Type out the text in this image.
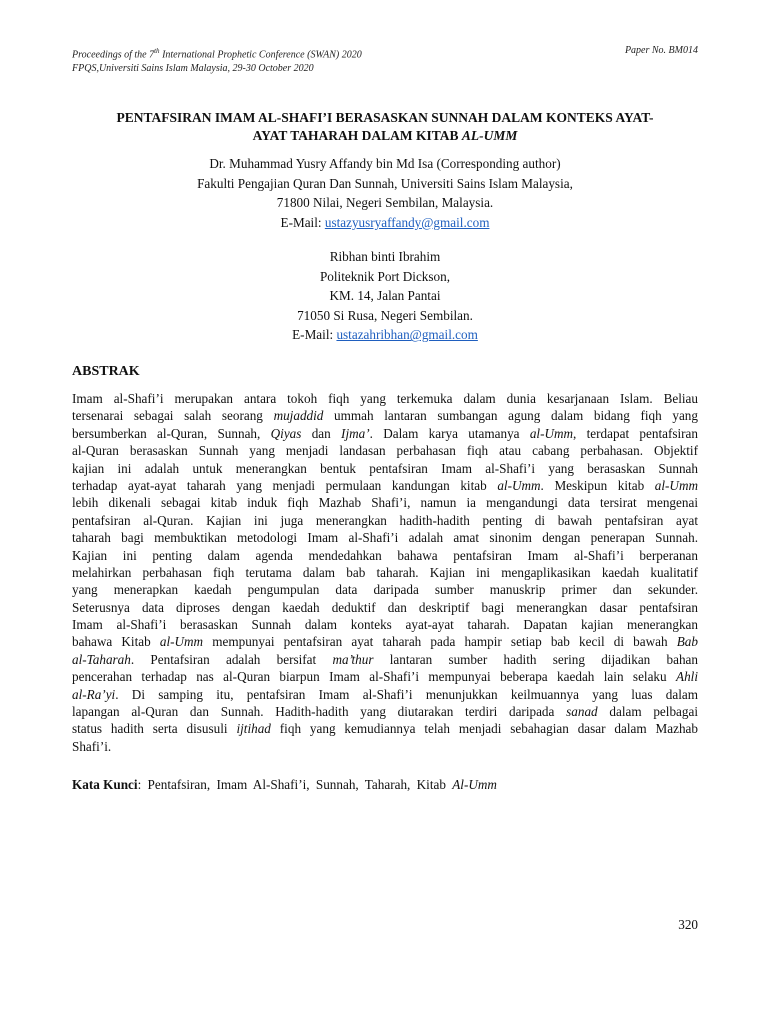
Proceedings of the 7th International Prophetic Conference (SWAN) 2020
FPQS,Universiti Sains Islam Malaysia, 29-30 October 2020
Paper No. BM014
PENTAFSIRAN IMAM AL-SHAFI’I BERASASKAN SUNNAH DALAM KONTEKS AYAT-
AYAT TAHARAH DALAM KITAB AL-UMM
Dr. Muhammad Yusry Affandy bin Md Isa (Corresponding author)
Fakulti Pengajian Quran Dan Sunnah, Universiti Sains Islam Malaysia,
71800 Nilai, Negeri Sembilan, Malaysia.
E-Mail: ustazyusryaffandy@gmail.com
Ribhan binti Ibrahim
Politeknik Port Dickson,
KM. 14, Jalan Pantai
71050 Si Rusa, Negeri Sembilan.
E-Mail: ustazahribhan@gmail.com
ABSTRAK
Imam al-Shafi’i merupakan antara tokoh fiqh yang terkemuka dalam dunia kesarjanaan Islam. Beliau
tersenarai sebagai salah seorang mujaddid ummah lantaran sumbangan agung dalam bidang fiqh yang
bersumberkan al-Quran, Sunnah, Qiyas dan Ijma’. Dalam karya utamanya al-Umm, terdapat pentafsiran
al-Quran berasaskan Sunnah yang menjadi landasan perbahasan fiqh atau cabang perbahasan. Objektif
kajian ini adalah untuk menerangkan bentuk pentafsiran Imam al-Shafi’i yang berasaskan Sunnah
terhadap ayat-ayat taharah yang menjadi permulaan kandungan kitab al-Umm. Meskipun kitab al-Umm
lebih dikenali sebagai kitab induk fiqh Mazhab Shafi’i, namun ia mengandungi data tersirat mengenai
pentafsiran al-Quran. Kajian ini juga menerangkan hadith-hadith penting di bawah pentafsiran ayat
taharah bagi membuktikan metodologi Imam al-Shafi’i adalah amat sinonim dengan penerapan Sunnah.
Kajian ini penting dalam agenda mendedahkan bahawa pentafsiran Imam al-Shafi’i berperanan
melahirkan perbahasan fiqh terutama dalam bab taharah. Kajian ini mengaplikasikan kaedah kualitatif
yang menerapkan kaedah pengumpulan data daripada sumber manuskrip primer dan sekunder.
Seterusnya data diproses dengan kaedah deduktif dan deskriptif bagi menerangkan dasar pentafsiran
Imam al-Shafi’i berasaskan Sunnah dalam konteks ayat-ayat taharah. Dapatan kajian menerangkan
bahawa Kitab al-Umm mempunyai pentafsiran ayat taharah pada hampir setiap bab kecil di bawah Bab
al-Taharah. Pentafsiran adalah bersifat ma’thur lantaran sumber hadith sering dijadikan bahan
pencerahan terhadap nas al-Quran biarpun Imam al-Shafi’i mempunyai beberapa kaedah lain selaku Ahli
al-Ra’yi. Di samping itu, pentafsiran Imam al-Shafi’i menunjukkan keilmuannya yang luas dalam
lapangan al-Quran dan Sunnah. Hadith-hadith yang diutarakan terdiri daripada sanad dalam pelbagai
status hadith serta disusuli ijtihad fiqh yang kemudiannya telah menjadi sebahagian dasar dalam Mazhab
Shafi’i.
Kata Kunci: Pentafsiran, Imam Al-Shafi’i, Sunnah, Taharah, Kitab Al-Umm
320
